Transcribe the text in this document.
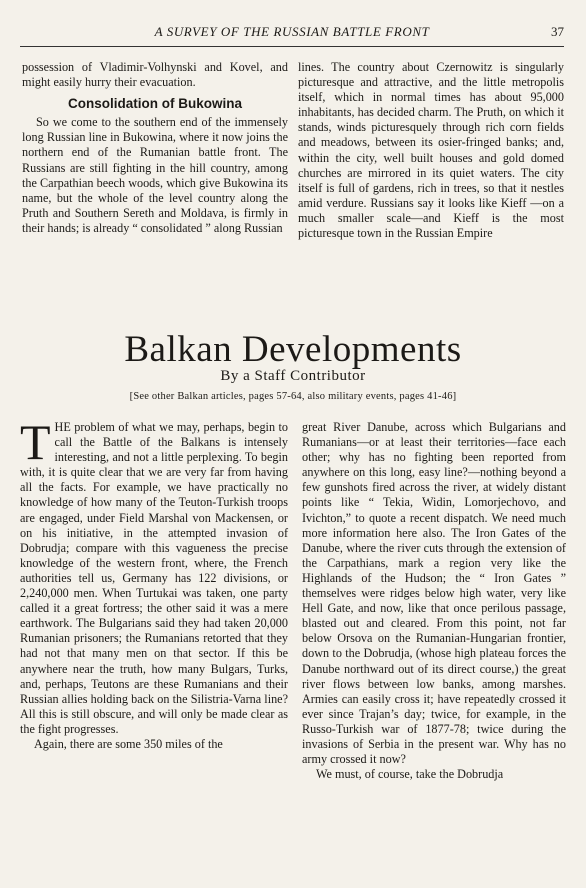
A SURVEY OF THE RUSSIAN BATTLE FRONT	37

possession of Vladimir-Volhynski and Kovel, and might easily hurry their evacuation.

Consolidation of Bukowina

So we come to the southern end of the immensely long Russian line in Bukowina, where it now joins the northern end of the Rumanian battle front. The Russians are still fighting in the hill country, among the Carpathian beech woods, which give Bukowina its name, but the whole of the level country along the Pruth and Southern Sereth and Moldava, is firmly in their hands; is already “ consolidated ” along Russian

lines. The country about Czernowitz is singularly picturesque and attractive, and the little metropolis itself, which in normal times has about 95,000 inhabitants, has decided charm. The Pruth, on which it stands, winds picturesquely through rich corn fields and meadows, between its osier-fringed banks; and, within the city, well built houses and gold domed churches are mirrored in its quiet waters. The city itself is full of gardens, rich in trees, so that it nestles amid verdure. Russians say it looks like Kieff —on a much smaller scale—and Kieff is the most picturesque town in the Russian Empire

Balkan Developments
By a Staff Contributor
[See other Balkan articles, pages 57-64, also military events, pages 41-46]

THE problem of what we may, perhaps, begin to call the Battle of the Balkans is intensely interesting, and not a little perplexing. To begin with, it is quite clear that we are very far from having all the facts. For example, we have practically no knowledge of how many of the Teuton-Turkish troops are engaged, under Field Marshal von Mackensen, or on his initiative, in the attempted invasion of Dobrudja; compare with this vagueness the precise knowledge of the western front, where, the French authorities tell us, Germany has 122 divisions, or 2,240,000 men. When Turtukai was taken, one party called it a great fortress; the other said it was a mere earthwork. The Bulgarians said they had taken 20,000 Rumanian prisoners; the Rumanians retorted that they had not that many men on that sector. If this be anywhere near the truth, how many Bulgars, Turks, and, perhaps, Teutons are these Rumanians and their Russian allies holding back on the Silistria-Varna line? All this is still obscure, and will only be made clear as the fight progresses.

Again, there are some 350 miles of the

great River Danube, across which Bulgarians and Rumanians—or at least their territories—face each other; why has no fighting been reported from anywhere on this long, easy line?—nothing beyond a few gunshots fired across the river, at widely distant points like “ Tekia, Widin, Lomorjechovo, and Ivichton,” to quote a recent dispatch. We need much more information here also. The Iron Gates of the Danube, where the river cuts through the extension of the Carpathians, mark a region very like the Highlands of the Hudson; the “ Iron Gates ” themselves were ridges below high water, very like Hell Gate, and now, like that once perilous passage, blasted out and cleared. From this point, not far below Orsova on the Rumanian-Hungarian frontier, down to the Dobrudja, (whose high plateau forces the Danube northward out of its direct course,) the great river flows between low banks, among marshes. Armies can easily cross it; have repeatedly crossed it ever since Trajan’s day; twice, for example, in the Russo-Turkish war of 1877-78; twice during the invasions of Serbia in the present war. Why has no army crossed it now?

We must, of course, take the Dobrudja
